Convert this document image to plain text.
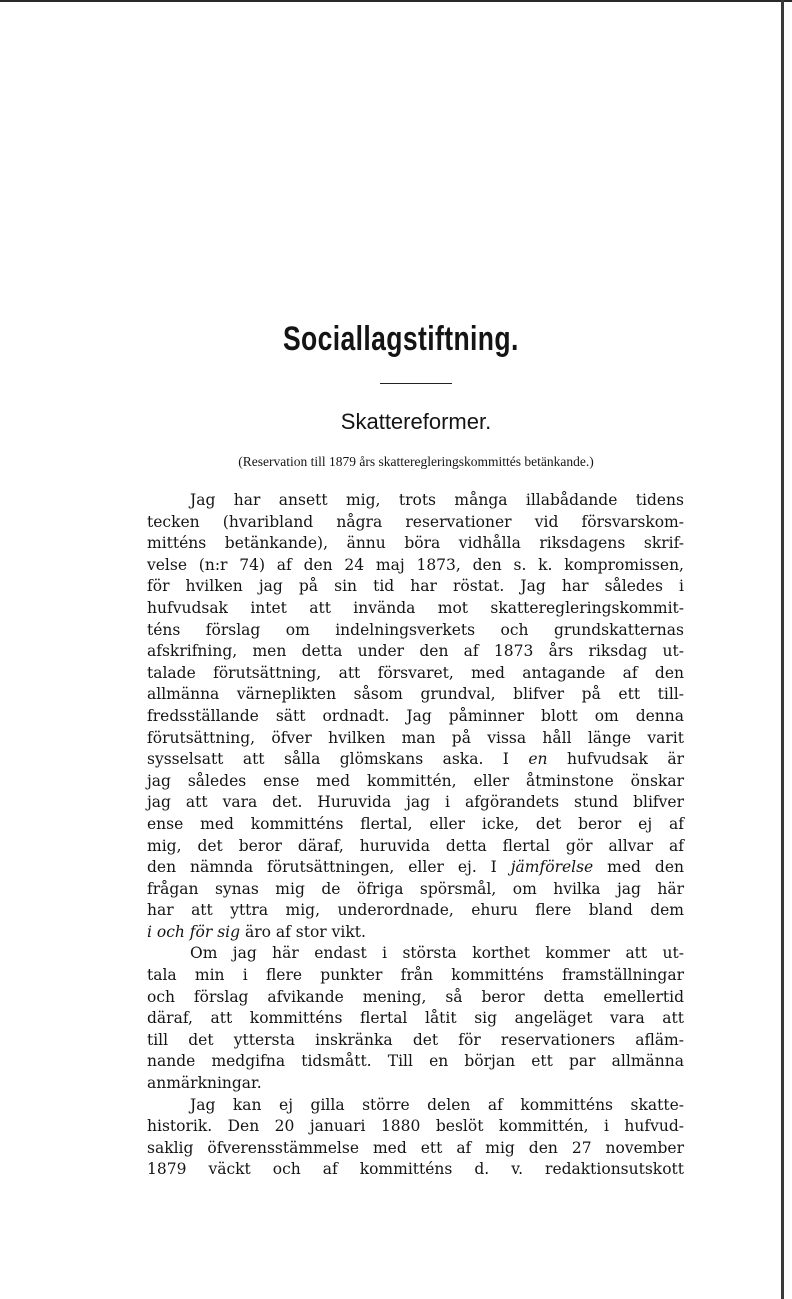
Sociallagstiftning.
Skattereformer.
(Reservation till 1879 års skatteregleringskommittés betänkande.)
Jag har ansett mig, trots många illabådande tidens
tecken (hvaribland några reservationer vid försvarskom-
mitténs betänkande), ännu böra vidhålla riksdagens skrif-
velse (n:r 74) af den 24 maj 1873, den s. k. kompromissen,
för hvilken jag på sin tid har röstat. Jag har således i
hufvudsak intet att invända mot skatteregleringskommit-
téns förslag om indelningsverkets och grundskatternas
afskrifning, men detta under den af 1873 års riksdag ut-
talade förutsättning, att försvaret, med antagande af den
allmänna värneplikten såsom grundval, blifver på ett till-
fredsställande sätt ordnadt. Jag påminner blott om denna
förutsättning, öfver hvilken man på vissa håll länge varit
sysselsatt att sålla glömskans aska. I en hufvudsak är
jag således ense med kommittén, eller åtminstone önskar
jag att vara det. Huruvida jag i afgörandets stund blifver
ense med kommitténs flertal, eller icke, det beror ej af
mig, det beror däraf, huruvida detta flertal gör allvar af
den nämnda förutsättningen, eller ej. I jämförelse med den
frågan synas mig de öfriga spörsmål, om hvilka jag här
har att yttra mig, underordnade, ehuru flere bland dem
i och för sig äro af stor vikt.
Om jag här endast i största korthet kommer att ut-
tala min i flere punkter från kommitténs framställningar
och förslag afvikande mening, så beror detta emellertid
däraf, att kommitténs flertal låtit sig angeläget vara att
till det yttersta inskränka det för reservationers afläm-
nande medgifna tidsmått. Till en början ett par allmänna
anmärkningar.
Jag kan ej gilla större delen af kommitténs skatte-
historik. Den 20 januari 1880 beslöt kommittén, i hufvud-
saklig öfverensstämmelse med ett af mig den 27 november
1879 väckt och af kommitténs d. v. redaktionsutskott
